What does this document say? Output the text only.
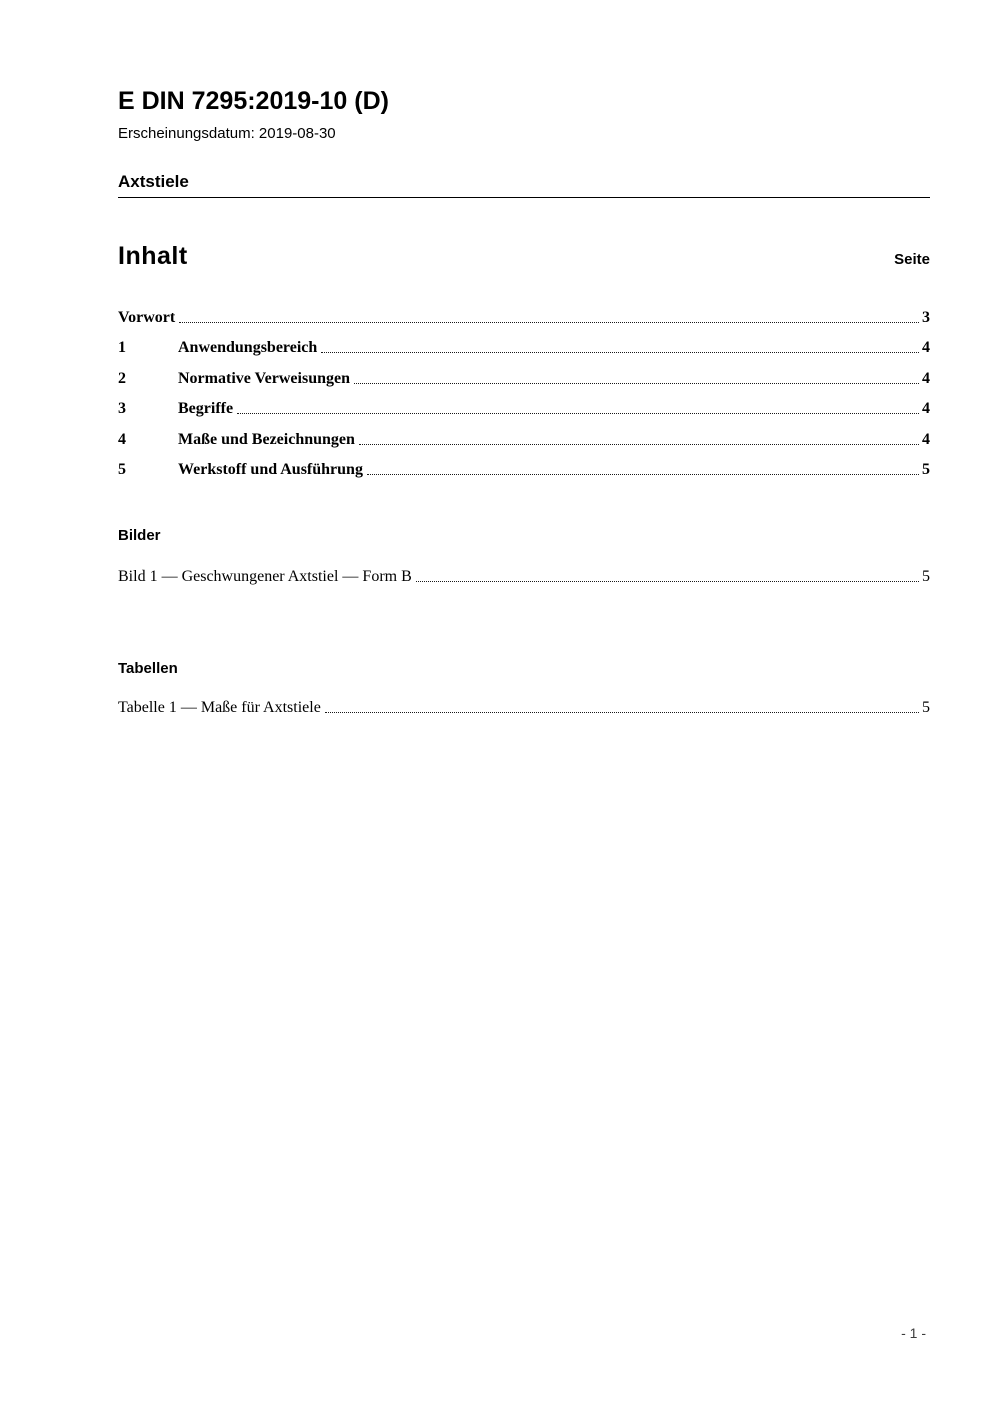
E DIN 7295:2019-10 (D)
Erscheinungsdatum: 2019-08-30
Axtstiele
Inhalt	Seite
Vorwort	3
1	Anwendungsbereich	4
2	Normative Verweisungen	4
3	Begriffe	4
4	Maße und Bezeichnungen	4
5	Werkstoff und Ausführung	5
Bilder
Bild 1 — Geschwungener Axtstiel — Form B	5
Tabellen
Tabelle 1 — Maße für Axtstiele	5
- 1 -
